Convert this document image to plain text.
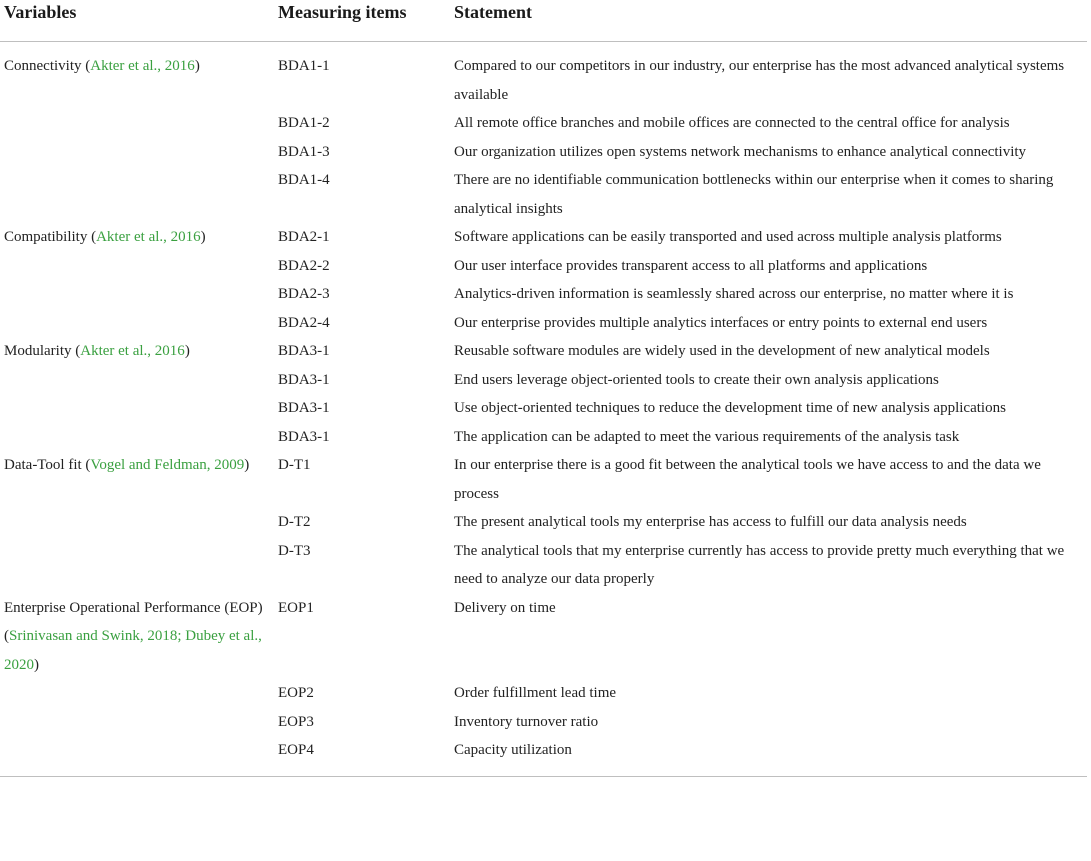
Variables	Measuring items	Statement
Connectivity (Akter et al., 2016)	BDA1-1	Compared to our competitors in our industry, our enterprise has the most advanced analytical systems available
	BDA1-2	All remote office branches and mobile offices are connected to the central office for analysis
	BDA1-3	Our organization utilizes open systems network mechanisms to enhance analytical connectivity
	BDA1-4	There are no identifiable communication bottlenecks within our enterprise when it comes to sharing analytical insights
Compatibility (Akter et al., 2016)	BDA2-1	Software applications can be easily transported and used across multiple analysis platforms
	BDA2-2	Our user interface provides transparent access to all platforms and applications
	BDA2-3	Analytics-driven information is seamlessly shared across our enterprise, no matter where it is
	BDA2-4	Our enterprise provides multiple analytics interfaces or entry points to external end users
Modularity (Akter et al., 2016)	BDA3-1	Reusable software modules are widely used in the development of new analytical models
	BDA3-1	End users leverage object-oriented tools to create their own analysis applications
	BDA3-1	Use object-oriented techniques to reduce the development time of new analysis applications
	BDA3-1	The application can be adapted to meet the various requirements of the analysis task
Data-Tool fit (Vogel and Feldman, 2009)	D-T1	In our enterprise there is a good fit between the analytical tools we have access to and the data we process
	D-T2	The present analytical tools my enterprise has access to fulfill our data analysis needs
	D-T3	The analytical tools that my enterprise currently has access to provide pretty much everything that we need to analyze our data properly
Enterprise Operational Performance (EOP) (Srinivasan and Swink, 2018; Dubey et al., 2020)	EOP1	Delivery on time
	EOP2	Order fulfillment lead time
	EOP3	Inventory turnover ratio
	EOP4	Capacity utilization
